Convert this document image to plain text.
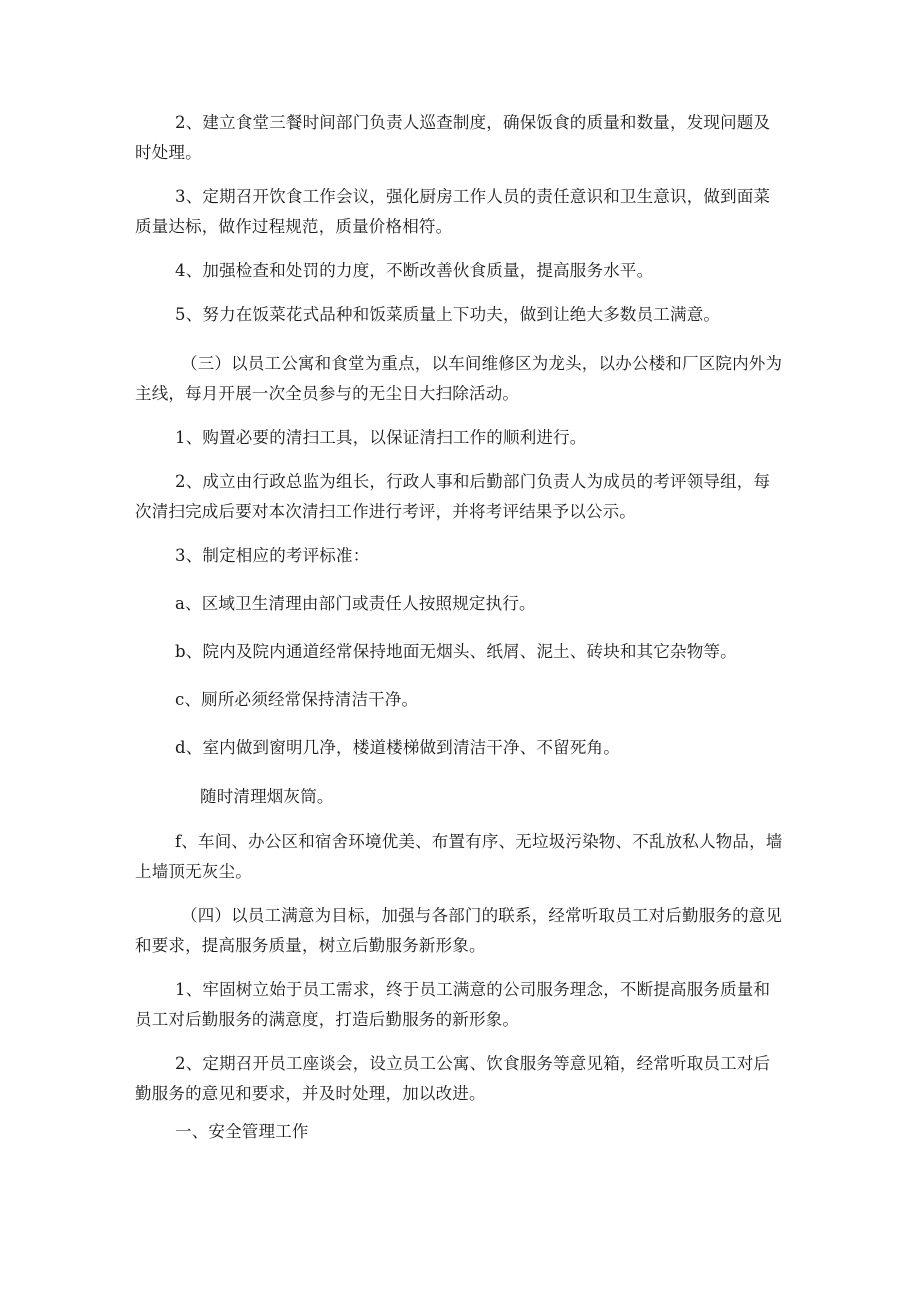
2、建立食堂三餐时间部门负责人巡查制度，确保饭食的质量和数量，发现问题及时处理。

3、定期召开饮食工作会议，强化厨房工作人员的责任意识和卫生意识，做到面菜质量达标，做作过程规范，质量价格相符。

4、加强检查和处罚的力度，不断改善伙食质量，提高服务水平。

5、努力在饭菜花式品种和饭菜质量上下功夫，做到让绝大多数员工满意。

（三）以员工公寓和食堂为重点，以车间维修区为龙头，以办公楼和厂区院内外为主线，每月开展一次全员参与的无尘日大扫除活动。

1、购置必要的清扫工具，以保证清扫工作的顺利进行。

2、成立由行政总监为组长，行政人事和后勤部门负责人为成员的考评领导组，每次清扫完成后要对本次清扫工作进行考评，并将考评结果予以公示。

3、制定相应的考评标准：

a、区域卫生清理由部门或责任人按照规定执行。

b、院内及院内通道经常保持地面无烟头、纸屑、泥土、砖块和其它杂物等。

c、厕所必须经常保持清洁干净。

d、室内做到窗明几净，楼道楼梯做到清洁干净、不留死角。

随时清理烟灰筒。

f、车间、办公区和宿舍环境优美、布置有序、无垃圾污染物、不乱放私人物品，墙上墙顶无灰尘。

（四）以员工满意为目标，加强与各部门的联系，经常听取员工对后勤服务的意见和要求，提高服务质量，树立后勤服务新形象。

1、牢固树立始于员工需求，终于员工满意的公司服务理念，不断提高服务质量和员工对后勤服务的满意度，打造后勤服务的新形象。

2、定期召开员工座谈会，设立员工公寓、饮食服务等意见箱，经常听取员工对后勤服务的意见和要求，并及时处理，加以改进。

一、安全管理工作
